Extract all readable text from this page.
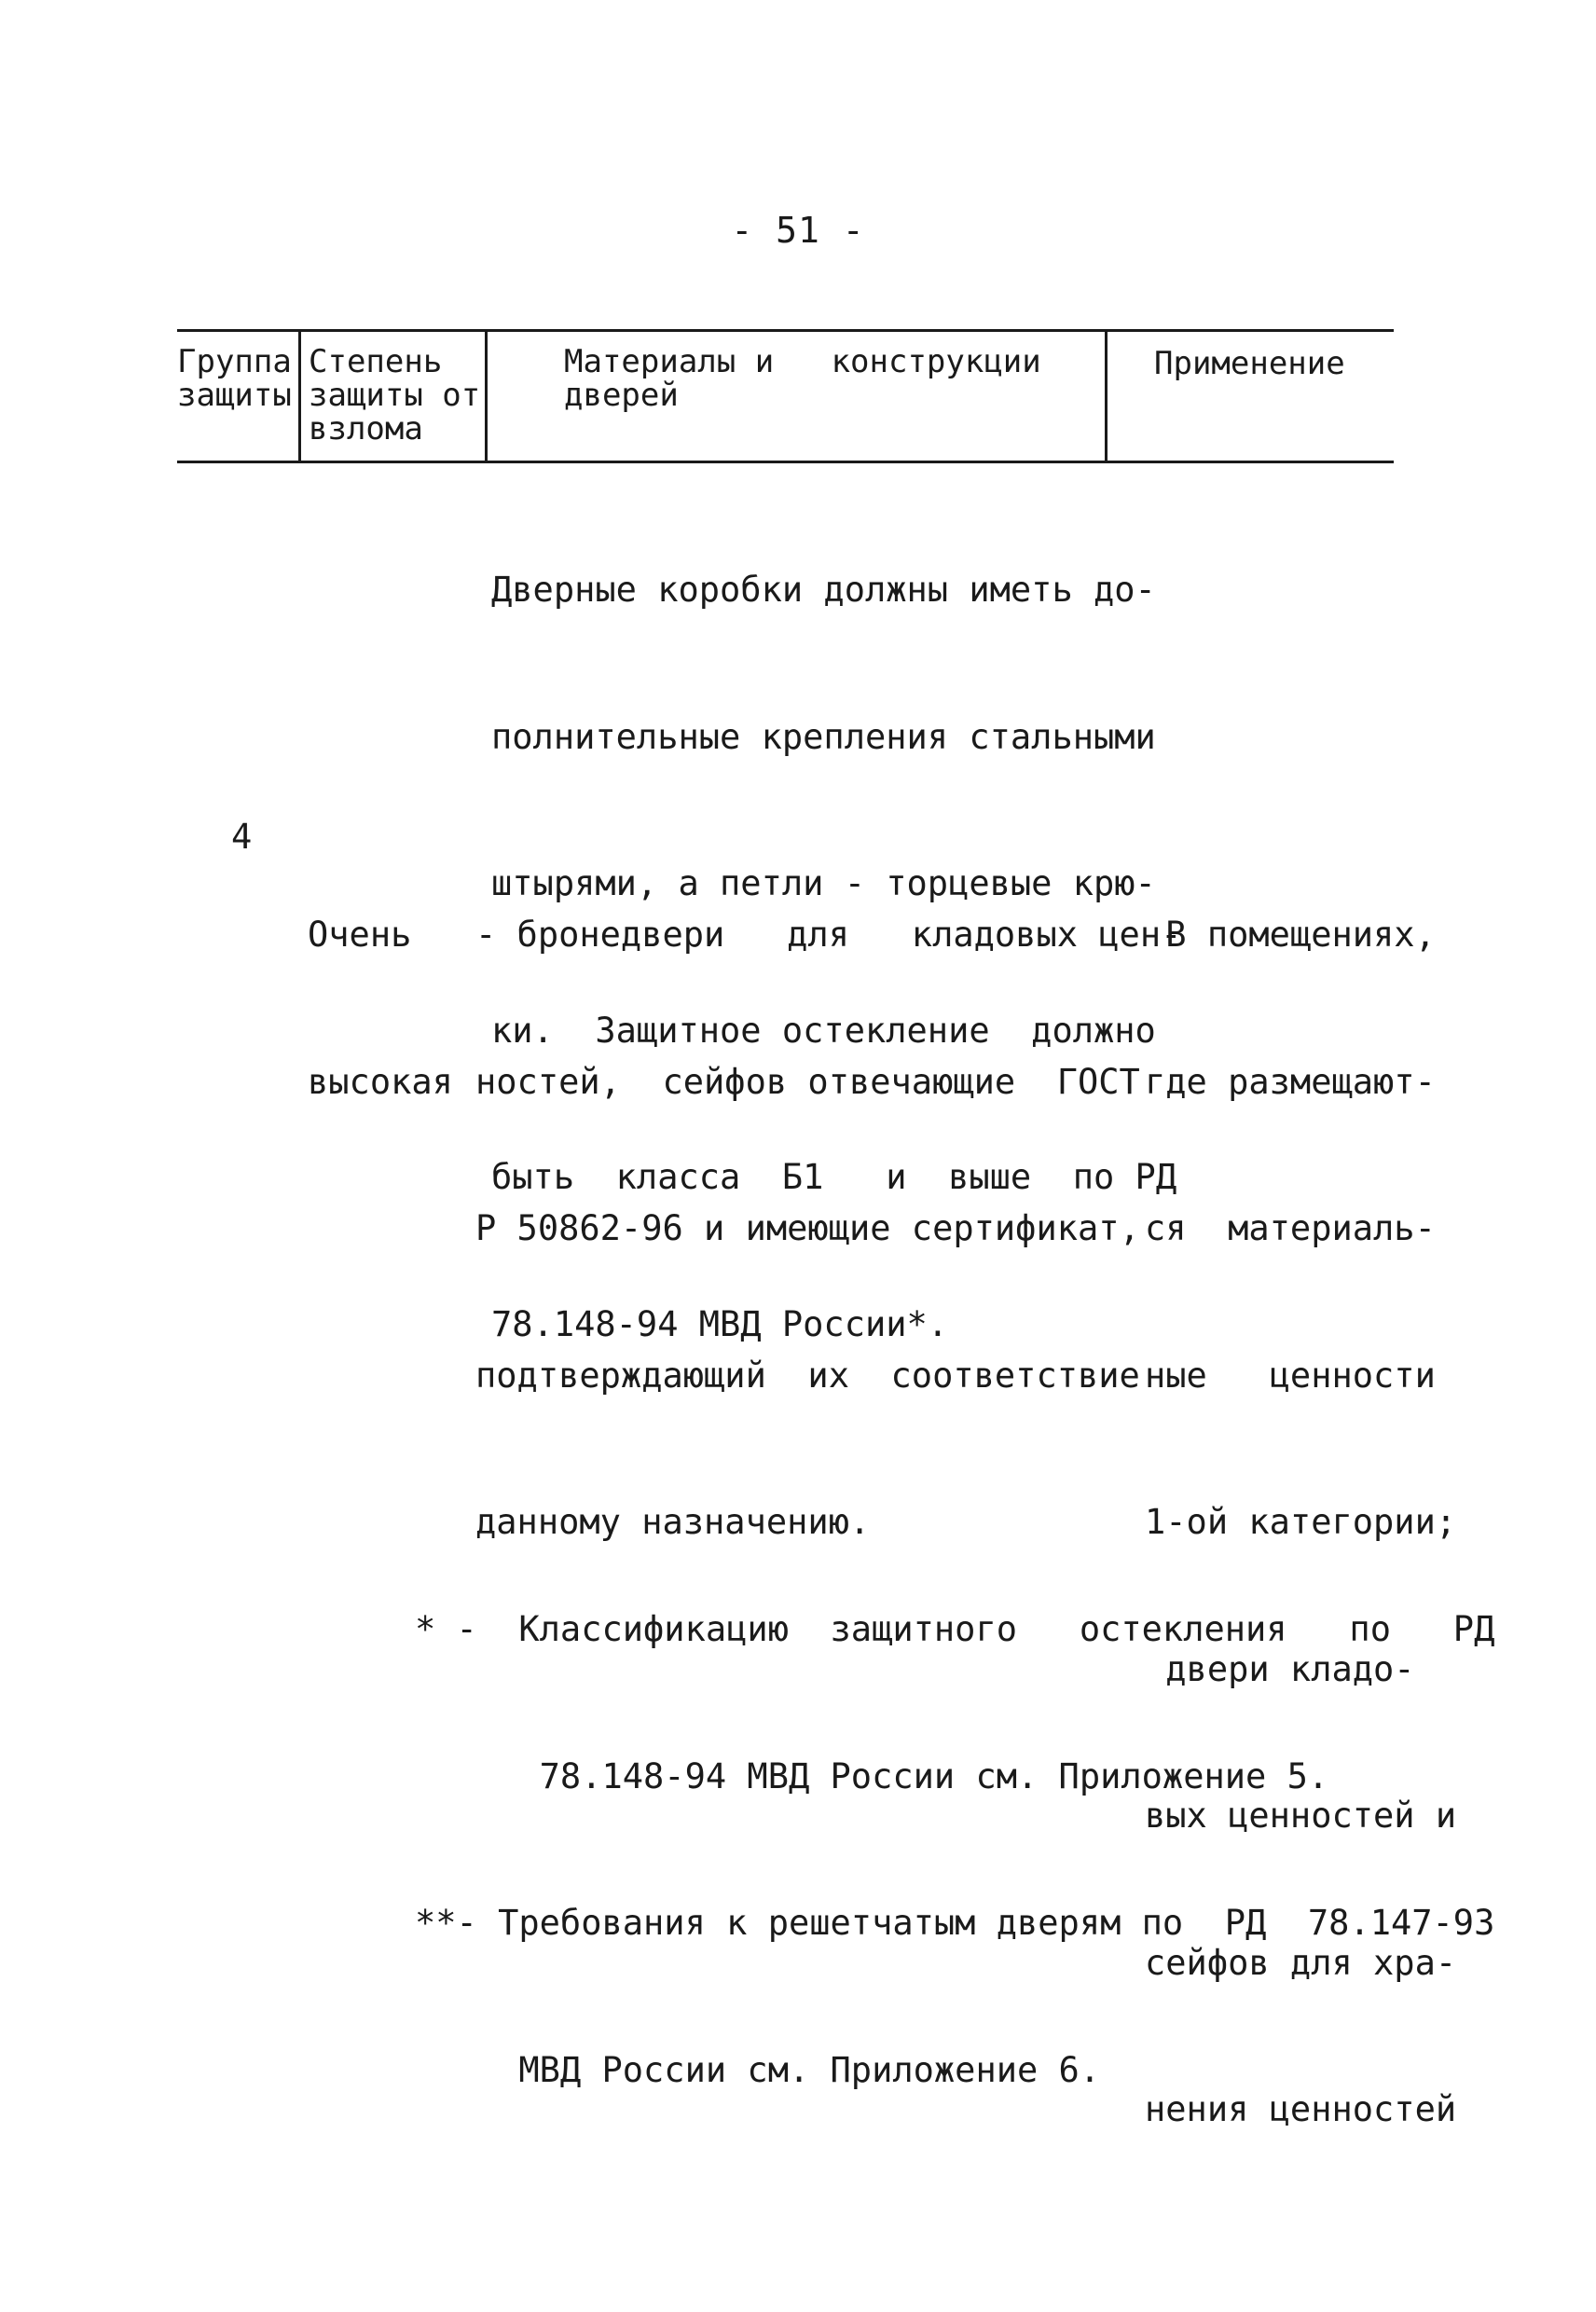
- 51 -
Группа
защиты
Степень
защиты от
взлома
Материалы и   конструкции
дверей
Применение

Дверные коробки должны иметь до-

полнительные крепления стальными

штырями, а петли - торцевые крю-

ки.  Защитное остекление  должно

быть  класса  Б1   и  выше  по РД

78.148-94 МВД России*.

4

Очень

высокая

- бронедвери   для   кладовых цен-

ностей,  сейфов отвечающие  ГОСТ

Р 50862-96 и имеющие сертификат,

подтверждающий  их  соответствие

данному назначению.

В помещениях,

где размещают-

ся  материаль-

ные   ценности

1-ой категории;

двери кладо-

вых ценностей и

сейфов для хра-

нения ценностей

* -  Классификацию  защитного   остекления   по   РД

78.148-94 МВД России см. Приложение 5.

**- Требования к решетчатым дверям по  РД  78.147-93

МВД России см. Приложение 6.
